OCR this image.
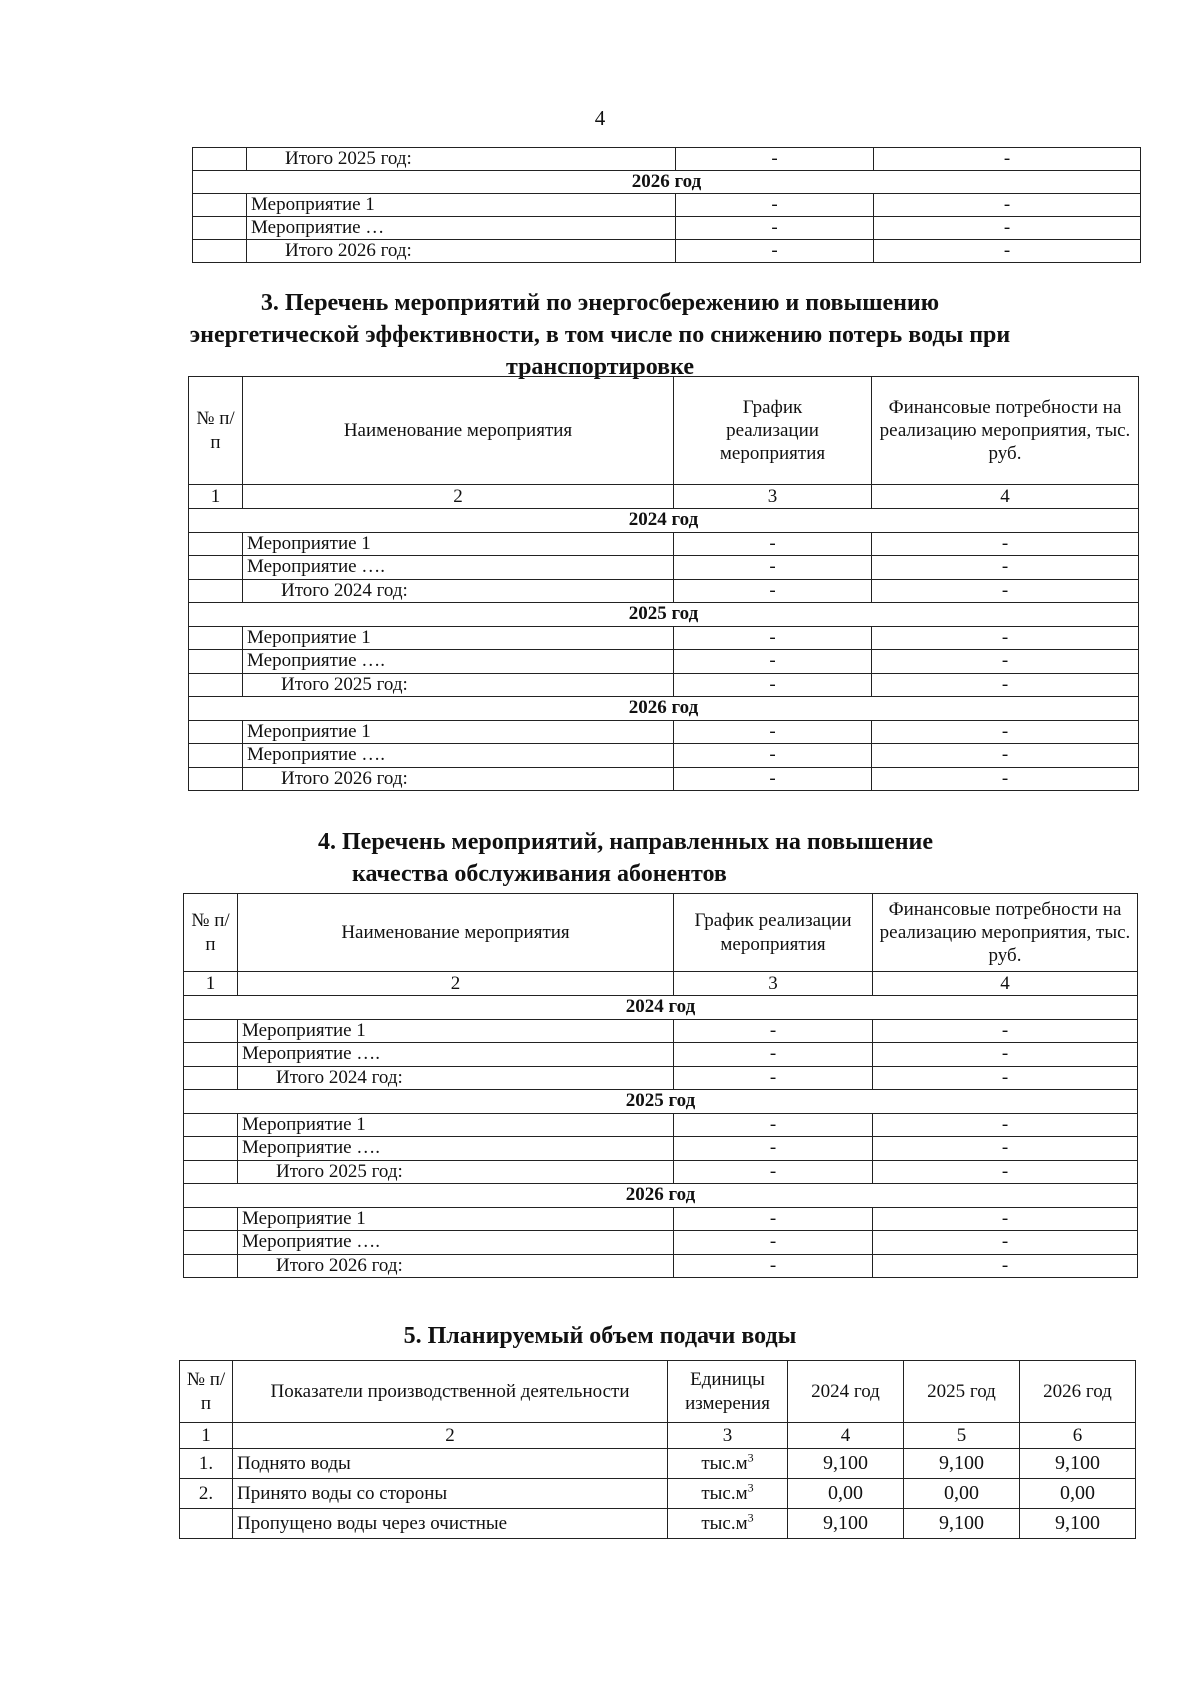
4
	Итого 2025 год:	-	-
2026 год			
	Мероприятие 1	-	-
	Мероприятие …	-	-
	Итого 2026 год:	-	-
3. Перечень мероприятий по энергосбережению и повышению
энергетической эффективности, в том числе по снижению потерь воды при
транспортировке
№ п/п	Наименование мероприятия	График реализации мероприятия	Финансовые потребности на реализацию мероприятия, тыс. руб.
1	2	3	4
2024 год			
	Мероприятие 1	-	-
	Мероприятие ….	-	-
	Итого 2024 год:	-	-
2025 год			
	Мероприятие 1	-	-
	Мероприятие ….	-	-
	Итого 2025 год:	-	-
2026 год			
	Мероприятие 1	-	-
	Мероприятие ….	-	-
	Итого 2026 год:	-	-
4. Перечень мероприятий, направленных на повышение
качества обслуживания абонентов
№ п/п	Наименование мероприятия	График реализации мероприятия	Финансовые потребности на реализацию мероприятия, тыс. руб.
1	2	3	4
2024 год			
	Мероприятие 1	-	-
	Мероприятие ….	-	-
	Итого 2024 год:	-	-
2025 год			
	Мероприятие 1	-	-
	Мероприятие ….	-	-
	Итого 2025 год:	-	-
2026 год			
	Мероприятие 1	-	-
	Мероприятие ….	-	-
	Итого 2026 год:	-	-
5. Планируемый объем подачи воды
№ п/п	Показатели производственной деятельности	Единицы измерения	2024 год	2025 год	2026 год
1	2	3	4	5	6
1.	Поднято воды	$тыс.м^3$	9,100	9,100	9,100
2.	Принято воды со стороны	$тыс.м^3$	0,00	0,00	0,00
	Пропущено воды через очистные	$тыс.м^3$	9,100	9,100	9,100
